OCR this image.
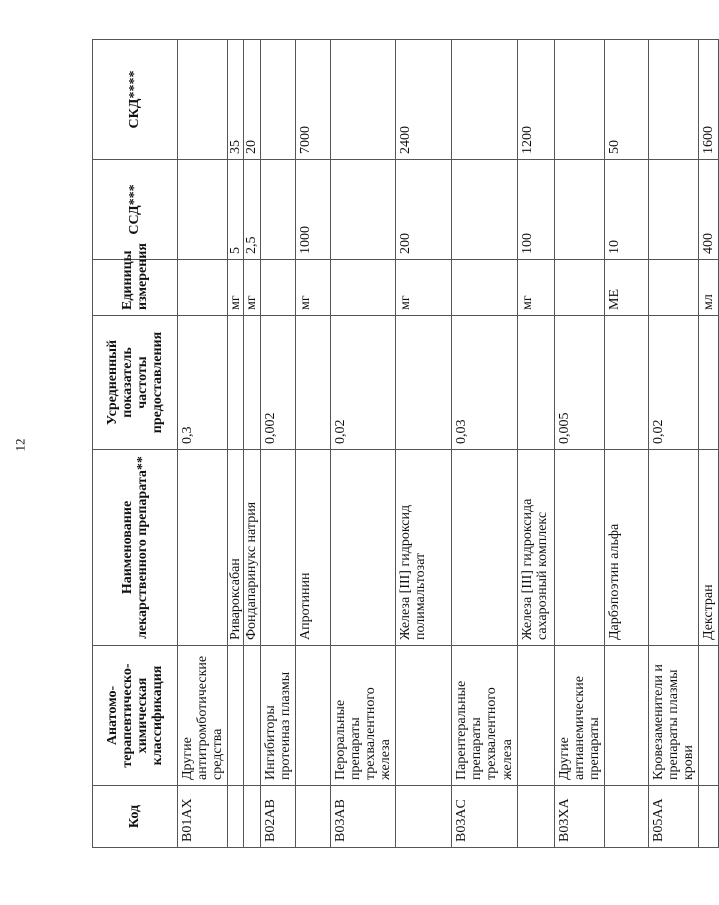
12
Код	Анатомо-терапевтическо-химическая классификация	Наименование лекарственного препарата**	Усредненный показатель частоты предоставления	Единицы измерения	ССД***	СКД****
B01AX	Другие антитромботические средства		0,3			
		Ривароксабан		мг	5	35
		Фондапаринукс натрия		мг	2,5	20
B02AB	Ингибиторы протеиназ плазмы		0,002			
		Апротинин		мг	1000	7000
B03AB	Пероральные препараты трехвалентного железа		0,02			
		Железа [III] гидроксид полимальтозат		мг	200	2400
B03AC	Парентеральные препараты трехвалентного железа		0,03			
		Железа [III] гидроксида сахарозный комплекс		мг	100	1200
B03XA	Другие антианемические препараты		0,005			
		Дарбэпоэтин альфа		МЕ	10	50
B05AA	Кровезаменители и препараты плазмы крови		0,02			
		Декстран		мл	400	1600
